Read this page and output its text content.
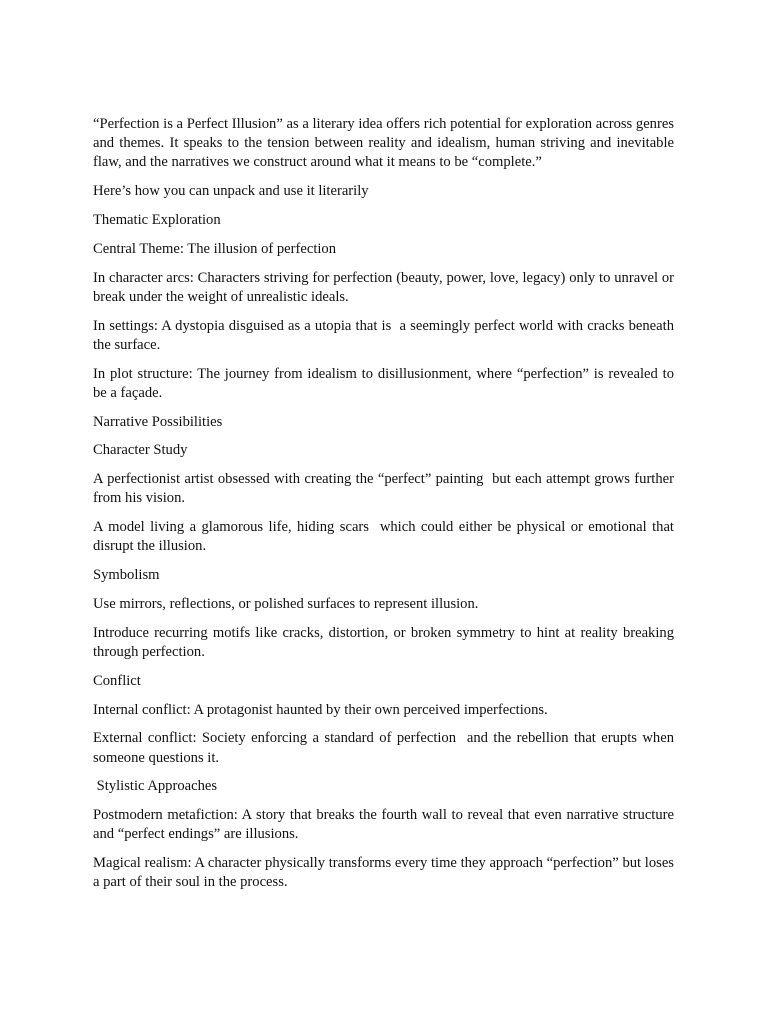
“Perfection is a Perfect Illusion” as a literary idea offers rich potential for exploration across genres and themes. It speaks to the tension between reality and idealism, human striving and inevitable flaw, and the narratives we construct around what it means to be “complete.”

Here’s how you can unpack and use it literarily

Thematic Exploration

Central Theme: The illusion of perfection

In character arcs: Characters striving for perfection (beauty, power, love, legacy) only to unravel or break under the weight of unrealistic ideals.

In settings: A dystopia disguised as a utopia that is  a seemingly perfect world with cracks beneath the surface.

In plot structure: The journey from idealism to disillusionment, where “perfection” is revealed to be a façade.

Narrative Possibilities

Character Study

A perfectionist artist obsessed with creating the “perfect” painting  but each attempt grows further from his vision.

A model living a glamorous life, hiding scars  which could either be physical or emotional that disrupt the illusion.

Symbolism

Use mirrors, reflections, or polished surfaces to represent illusion.

Introduce recurring motifs like cracks, distortion, or broken symmetry to hint at reality breaking through perfection.

Conflict

Internal conflict: A protagonist haunted by their own perceived imperfections.

External conflict: Society enforcing a standard of perfection  and the rebellion that erupts when someone questions it.

Stylistic Approaches

Postmodern metafiction: A story that breaks the fourth wall to reveal that even narrative structure and “perfect endings” are illusions.

Magical realism: A character physically transforms every time they approach “perfection” but loses a part of their soul in the process.
